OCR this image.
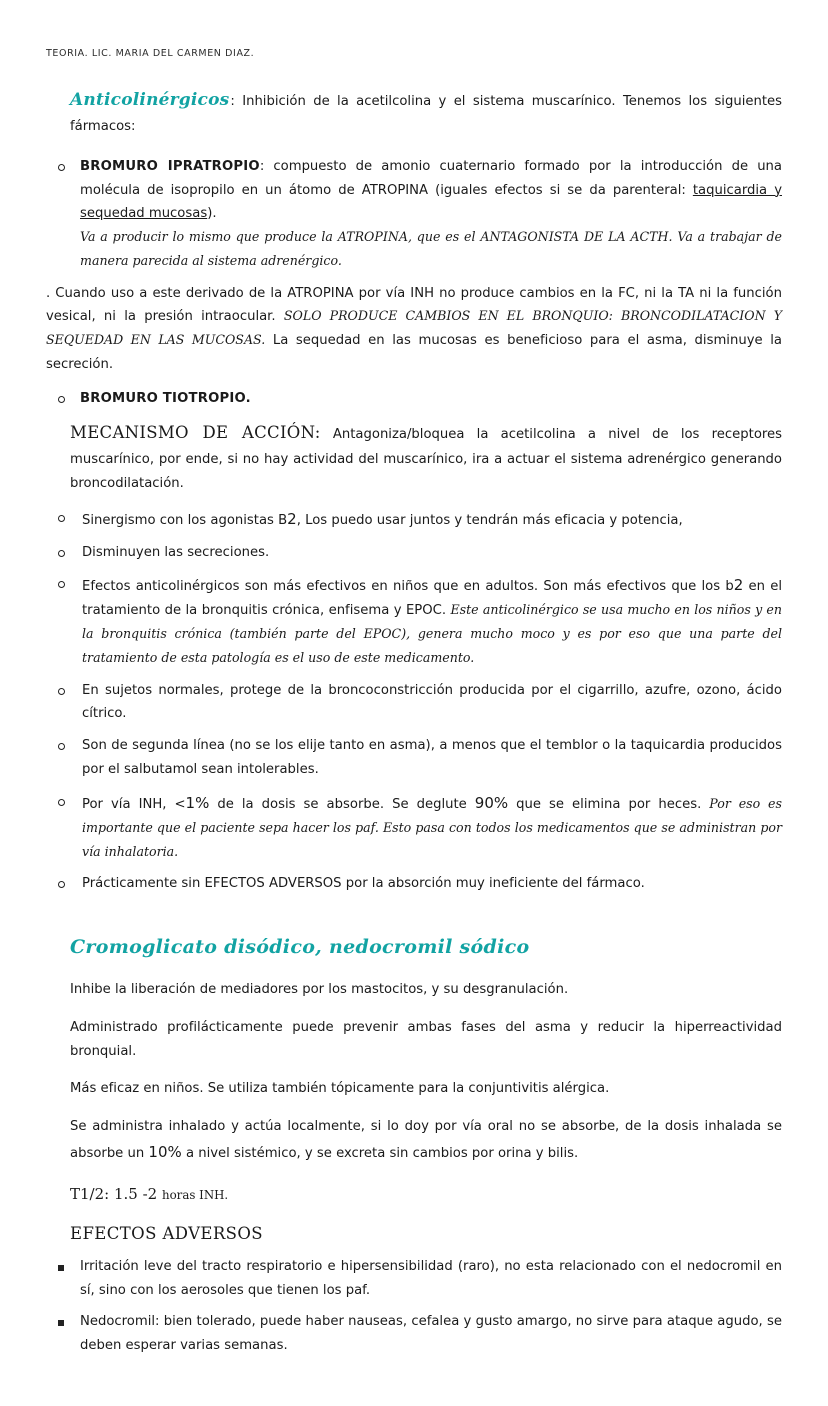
TEORIA. LIC. MARIA DEL CARMEN DIAZ.

Anticolinérgicos: Inhibición de la acetilcolina y el sistema muscarínico. Tenemos los siguientes fármacos:

BROMURO IPRATROPIO: compuesto de amonio cuaternario formado por la introducción de una molécula de isopropilo en un átomo de ATROPINA (iguales efectos si se da parenteral: taquicardia y sequedad mucosas).
Va a producir lo mismo que produce la ATROPINA, que es el ANTAGONISTA DE LA ACTH. Va a trabajar de manera parecida al sistema adrenérgico.

. Cuando uso a este derivado de la ATROPINA por vía INH no produce cambios en la FC, ni la TA ni la función vesical, ni la presión intraocular. SOLO PRODUCE CAMBIOS EN EL BRONQUIO: BRONCODILATACION Y SEQUEDAD EN LAS MUCOSAS. La sequedad en las mucosas es beneficioso para el asma, disminuye la secreción.

BROMURO TIOTROPIO.

MECANISMO DE ACCIÓN: Antagoniza/bloquea la acetilcolina a nivel de los receptores muscarínico, por ende, si no hay actividad del muscarínico, ira a actuar el sistema adrenérgico generando broncodilatación.

Sinergismo con los agonistas B2, Los puedo usar juntos y tendrán más eficacia y potencia,
Disminuyen las secreciones.
Efectos anticolinérgicos son más efectivos en niños que en adultos. Son más efectivos que los b2 en el tratamiento de la bronquitis crónica, enfisema y EPOC. Este anticolinérgico se usa mucho en los niños y en la bronquitis crónica (también parte del EPOC), genera mucho moco y es por eso que una parte del tratamiento de esta patología es el uso de este medicamento.
En sujetos normales, protege de la broncoconstricción producida por el cigarrillo, azufre, ozono, ácido cítrico.
Son de segunda línea (no se los elije tanto en asma), a menos que el temblor o la taquicardia producidos por el salbutamol sean intolerables.
Por vía INH, <1% de la dosis se absorbe. Se deglute 90% que se elimina por heces. Por eso es importante que el paciente sepa hacer los paf. Esto pasa con todos los medicamentos que se administran por vía inhalatoria.
Prácticamente sin EFECTOS ADVERSOS por la absorción muy ineficiente del fármaco.
Cromoglicato disódico, nedocromil sódico

Inhibe la liberación de mediadores por los mastocitos, y su desgranulación.

Administrado profilácticamente puede prevenir ambas fases del asma y reducir la hiperreactividad bronquial.

Más eficaz en niños. Se utiliza también tópicamente para la conjuntivitis alérgica.

Se administra inhalado y actúa localmente, si lo doy por vía oral no se absorbe, de la dosis inhalada se absorbe un 10% a nivel sistémico, y se excreta sin cambios por orina y bilis.

T1/2: 1.5 -2 horas INH.

EFECTOS ADVERSOS
Irritación leve del tracto respiratorio e hipersensibilidad (raro), no esta relacionado con el nedocromil en sí, sino con los aerosoles que tienen los paf.
Nedocromil: bien tolerado, puede haber nauseas, cefalea y gusto amargo, no sirve para ataque agudo, se deben esperar varias semanas.
